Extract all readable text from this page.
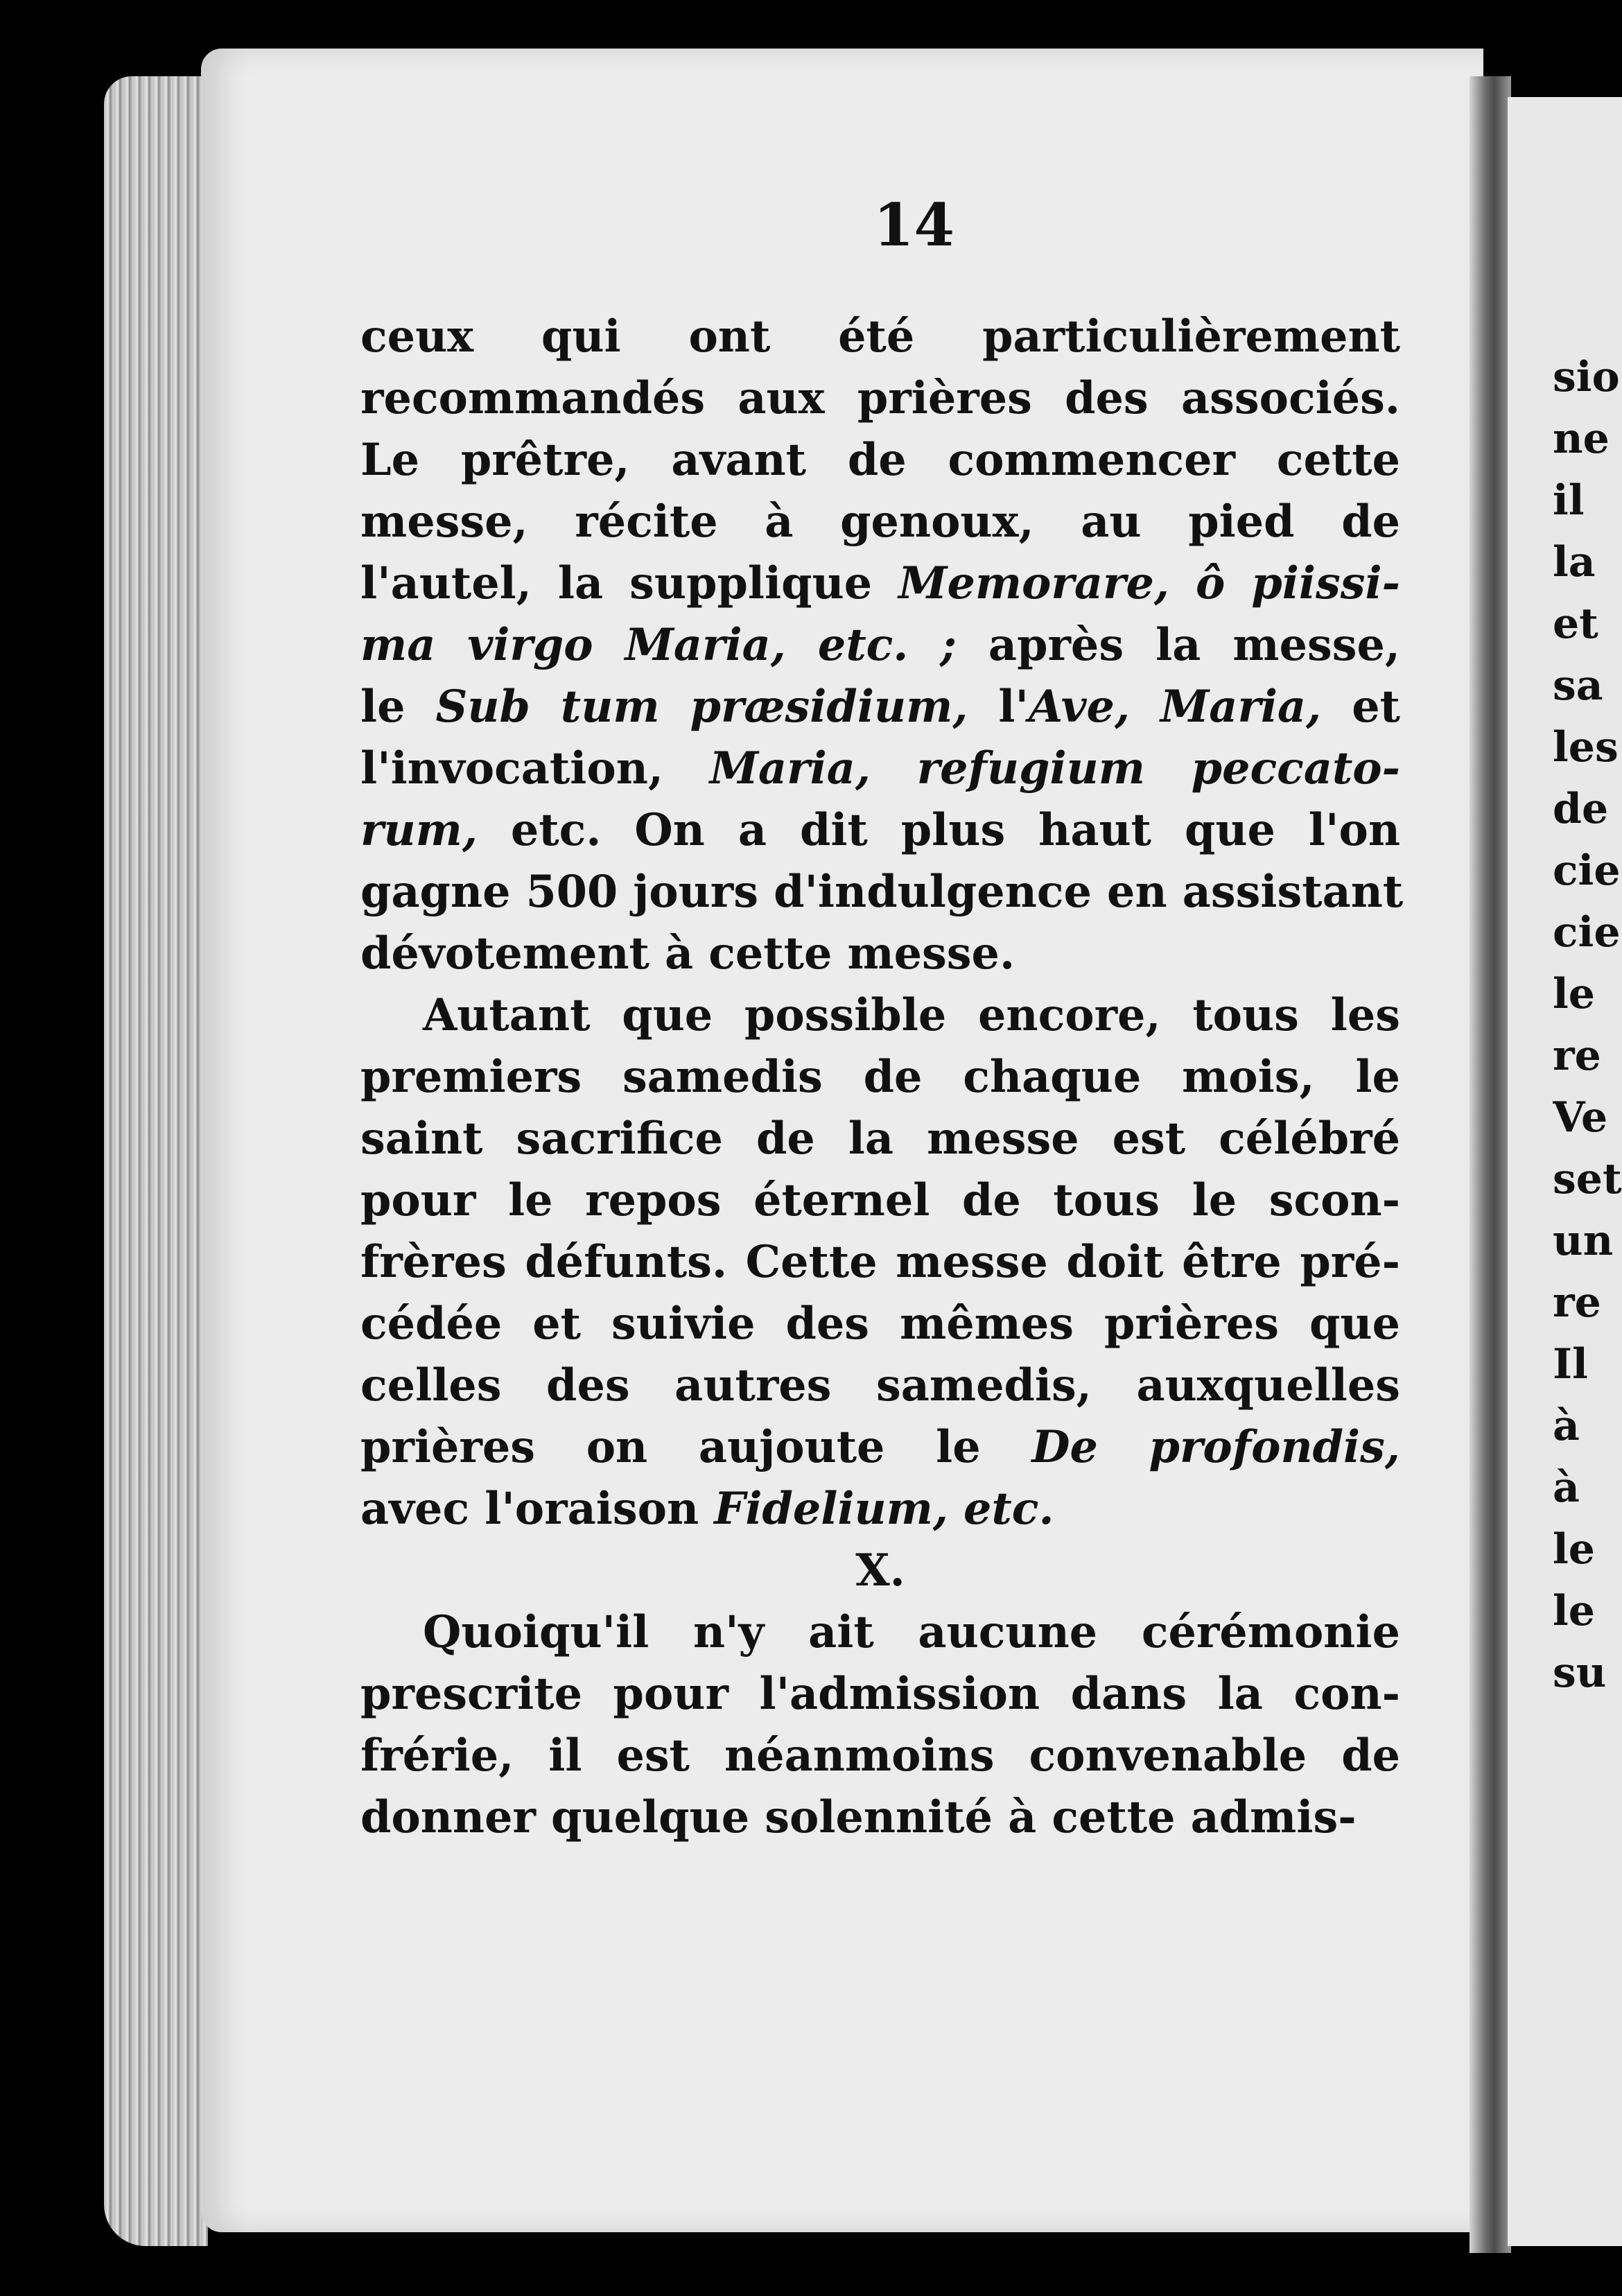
14
ceux qui ont été particulièrement
recommandés aux prières des associés.
Le prêtre, avant de commencer cette
messe, récite à genoux, au pied de
l'autel, la supplique Memorare, ô piissi-
ma virgo Maria, etc. ; après la messe,
le Sub tum præsidium, l'Ave, Maria, et
l'invocation, Maria, refugium peccato-
rum, etc. On a dit plus haut que l'on
gagne 500 jours d'indulgence en assistant
dévotement à cette messe.
Autant que possible encore, tous les
premiers samedis de chaque mois, le
saint sacrifice de la messe est célébré
pour le repos éternel de tous le scon-
frères défunts. Cette messe doit être pré-
cédée et suivie des mêmes prières que
celles des autres samedis, auxquelles
prières on aujoute le De profondis,
avec l'oraison Fidelium, etc.
X.
Quoiqu'il n'y ait aucune cérémonie
prescrite pour l'admission dans la con-
frérie, il est néanmoins convenable de
donner quelque solennité à cette admis-
sio
ne
il
la
et
sa
les
de
cie
cie
le
re
Ve
set
un
re
Il
à
à
le
le
su
